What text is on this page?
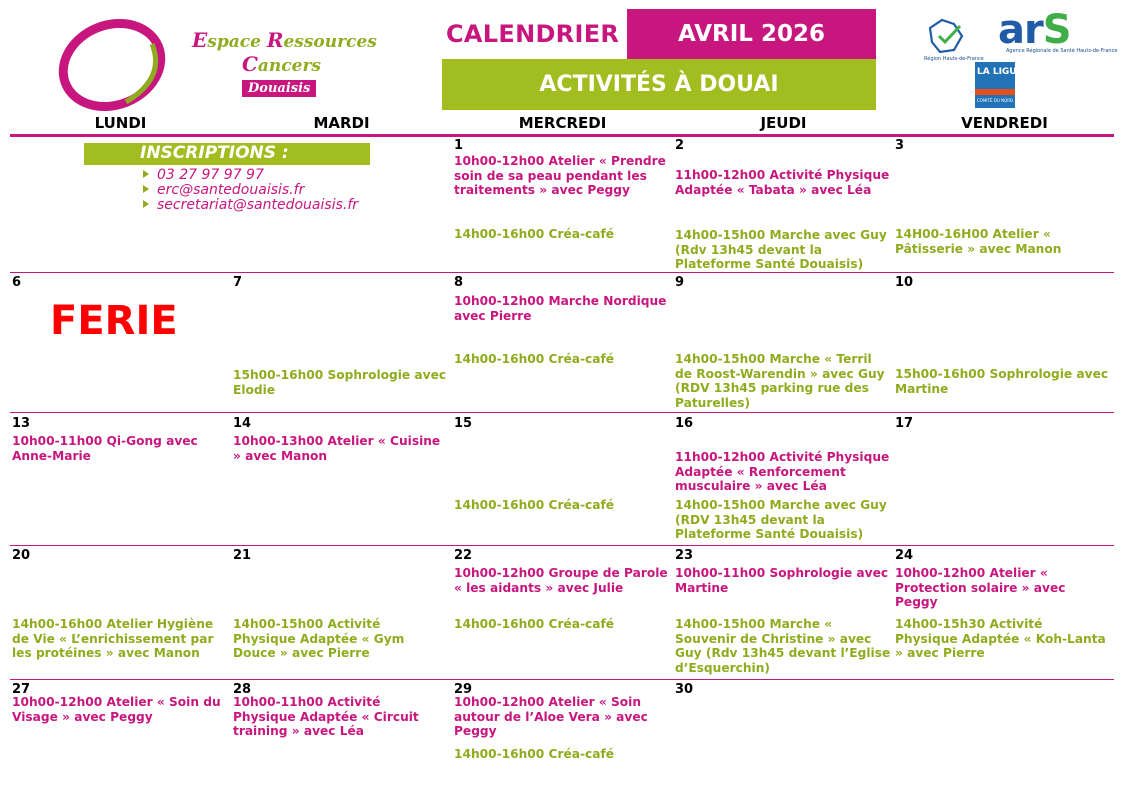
Espace Ressources
Cancers
Douaisis
CALENDRIER	AVRIL 2026
ACTIVITÉS À DOUAI
Région Hauts-de-France
arS
Agence Régionale de Santé Hauts-de-France
LA LIGUE
COMITÉ DU NORD
LUNDI	MARDI	MERCREDI	JEUDI	VENDREDI
INSCRIPTIONS :
03 27 97 97 97
erc@santedouaisis.fr
secretariat@santedouaisis.fr
1
10h00-12h00 Atelier « Prendre soin de sa peau pendant les traitements » avec Peggy
14h00-16h00 Créa-café
2
11h00-12h00 Activité Physique Adaptée « Tabata » avec Léa
14h00-15h00 Marche avec Guy (Rdv 13h45 devant la Plateforme Santé Douaisis)
3
14H00-16H00 Atelier « Pâtisserie » avec Manon
6
FERIE
7
15h00-16h00 Sophrologie avec Elodie
8
10h00-12h00 Marche Nordique avec Pierre
14h00-16h00 Créa-café
9
14h00-15h00 Marche « Terril de Roost-Warendin » avec Guy (RDV 13h45 parking rue des Paturelles)
10
15h00-16h00 Sophrologie avec Martine
13
10h00-11h00 Qi-Gong avec Anne-Marie
14
10h00-13h00 Atelier « Cuisine » avec Manon
15
14h00-16h00 Créa-café
16
11h00-12h00 Activité Physique Adaptée « Renforcement musculaire » avec Léa
14h00-15h00 Marche avec Guy (RDV 13h45 devant la Plateforme Santé Douaisis)
17
20
14h00-16h00 Atelier Hygiène de Vie « L’enrichissement par les protéines » avec Manon
21
14h00-15h00 Activité Physique Adaptée « Gym Douce » avec Pierre
22
10h00-12h00 Groupe de Parole « les aidants » avec Julie
14h00-16h00 Créa-café
23
10h00-11h00 Sophrologie avec Martine
14h00-15h00 Marche « Souvenir de Christine » avec Guy (Rdv 13h45 devant l’Eglise d’Esquerchin)
24
10h00-12h00 Atelier « Protection solaire » avec Peggy
14h00-15h30 Activité Physique Adaptée « Koh-Lanta » avec Pierre
27
10h00-12h00 Atelier « Soin du Visage » avec Peggy
28
10h00-11h00 Activité Physique Adaptée « Circuit training » avec Léa
29
10h00-12h00 Atelier « Soin autour de l’Aloe Vera » avec Peggy
14h00-16h00 Créa-café
30
